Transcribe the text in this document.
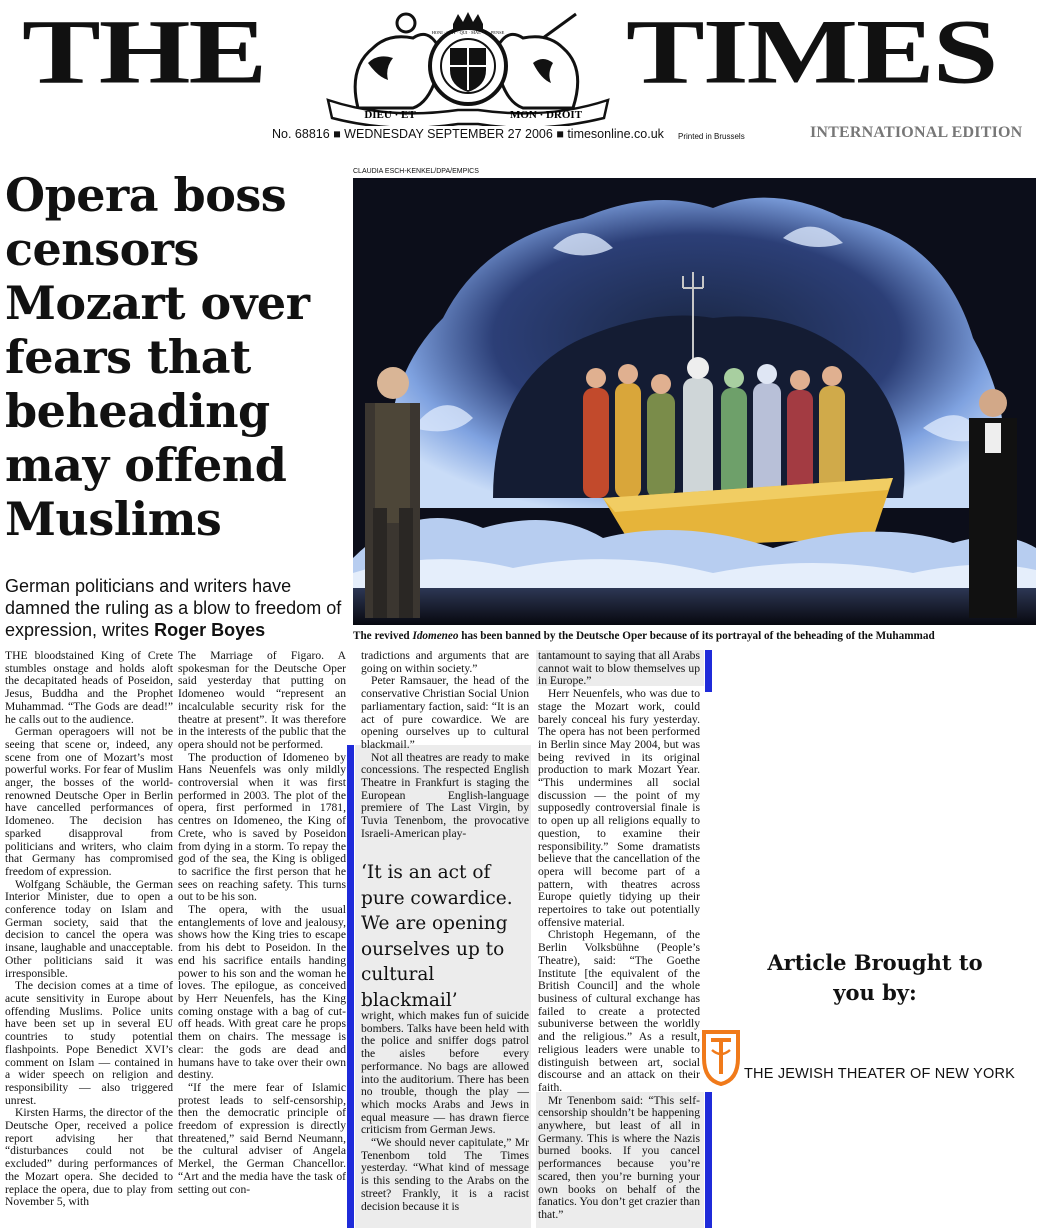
THE
DIEU · ET	MON · DROIT
HONI · SOIT · QUI · MAL · Y · PENSE TIMES
No. 68816 ■ WEDNESDAY SEPTEMBER 27 2006 ■ timesonline.co.uk Printed in Brussels	INTERNATIONAL EDITION
Opera boss censors Mozart over fears that beheading may offend Muslims
German politicians and writers have damned the ruling as a blow to freedom of expression, writes Roger Boyes
CLAUDIA ESCH-KENKEL/DPA/EMPICS
The revived Idomeneo has been banned by the Deutsche Oper because of its portrayal of the beheading of the Muhammad

THE bloodstained King of Crete stumbles onstage and holds aloft the decapitated heads of Poseidon, Jesus, Buddha and the Prophet Muhammad. “The Gods are dead!” he calls out to the audience.

German operagoers will not be seeing that scene or, indeed, any scene from one of Mozart’s most powerful works. For fear of Muslim anger, the bosses of the world-renowned Deutsche Oper in Berlin have cancelled performances of Idomeneo. The decision has sparked disapproval from politicians and writers, who claim that Germany has compromised freedom of expression.

Wolfgang Schäuble, the German Interior Minister, due to open a conference today on Islam and German society, said that the decision to cancel the opera was insane, laughable and unacceptable. Other politicians said it was irresponsible.

The decision comes at a time of acute sensitivity in Europe about offending Muslims. Police units have been set up in several EU countries to study potential flashpoints. Pope Benedict XVI’s comment on Islam — contained in a wider speech on religion and responsibility — also triggered unrest.

Kirsten Harms, the director of the Deutsche Oper, received a police report advising her that “disturbances could not be excluded” during performances of the Mozart opera. She decided to replace the opera, due to play from November 5, with

The Marriage of Figaro. A spokesman for the Deutsche Oper said yesterday that putting on Idomeneo would “represent an incalculable security risk for the theatre at present”. It was therefore in the interests of the public that the opera should not be performed.

The production of Idomeneo by Hans Neuenfels was only mildly controversial when it was first performed in 2003. The plot of the opera, first performed in 1781, centres on Idomeneo, the King of Crete, who is saved by Poseidon from dying in a storm. To repay the god of the sea, the King is obliged to sacrifice the first person that he sees on reaching safety. This turns out to be his son.

The opera, with the usual entanglements of love and jealousy, shows how the King tries to escape from his debt to Poseidon. In the end his sacrifice entails handing power to his son and the woman he loves. The epilogue, as conceived by Herr Neuenfels, has the King coming onstage with a bag of cut-off heads. With great care he props them on chairs. The message is clear: the gods are dead and humans have to take over their own destiny.

“If the mere fear of Islamic protest leads to self-censorship, then the democratic principle of freedom of expression is directly threatened,” said Bernd Neumann, the cultural adviser of Angela Merkel, the German Chancellor. “Art and the media have the task of setting out con-

tradictions and arguments that are going on within society.”

Peter Ramsauer, the head of the conservative Christian Social Union parliamentary faction, said: “It is an act of pure cowardice. We are opening ourselves up to cultural blackmail.”

Not all theatres are ready to make concessions. The respected English Theatre in Frankfurt is staging the European English-language premiere of The Last Virgin, by Tuvia Tenenbom, the provocative Israeli-American play-

‘It is an act of pure cowardice. We are opening ourselves up to cultural blackmail’

wright, which makes fun of suicide bombers. Talks have been held with the police and sniffer dogs patrol the aisles before every performance. No bags are allowed into the auditorium. There has been no trouble, though the play — which mocks Arabs and Jews in equal measure — has drawn fierce criticism from German Jews.

“We should never capitulate,” Mr Tenenbom told The Times yesterday. “What kind of message is this sending to the Arabs on the street? Frankly, it is a racist decision because it is

tantamount to saying that all Arabs cannot wait to blow themselves up in Europe.”

Herr Neuenfels, who was due to stage the Mozart work, could barely conceal his fury yesterday. The opera has not been performed in Berlin since May 2004, but was being revived in its original production to mark Mozart Year. “This undermines all social discussion — the point of my supposedly controversial finale is to open up all religions equally to question, to examine their responsibility.” Some dramatists believe that the cancellation of the opera will become part of a pattern, with theatres across Europe quietly tidying up their repertoires to take out potentially offensive material.

Christoph Hegemann, of the Berlin Volksbühne (People’s Theatre), said: “The Goethe Institute [the equivalent of the British Council] and the whole business of cultural exchange has failed to create a protected subuniverse between the worldly and the religious.” As a result, religious leaders were unable to distinguish between art, social discourse and an attack on their faith.

Mr Tenenbom said: “This self-censorship shouldn’t be happening anywhere, but least of all in Germany. This is where the Nazis burned books. If you cancel performances because you’re scared, then you’re burning your own books on behalf of the fanatics. You don’t get crazier than that.”

Article Brought to you by:
THE JEWISH THEATER OF NEW YORK
